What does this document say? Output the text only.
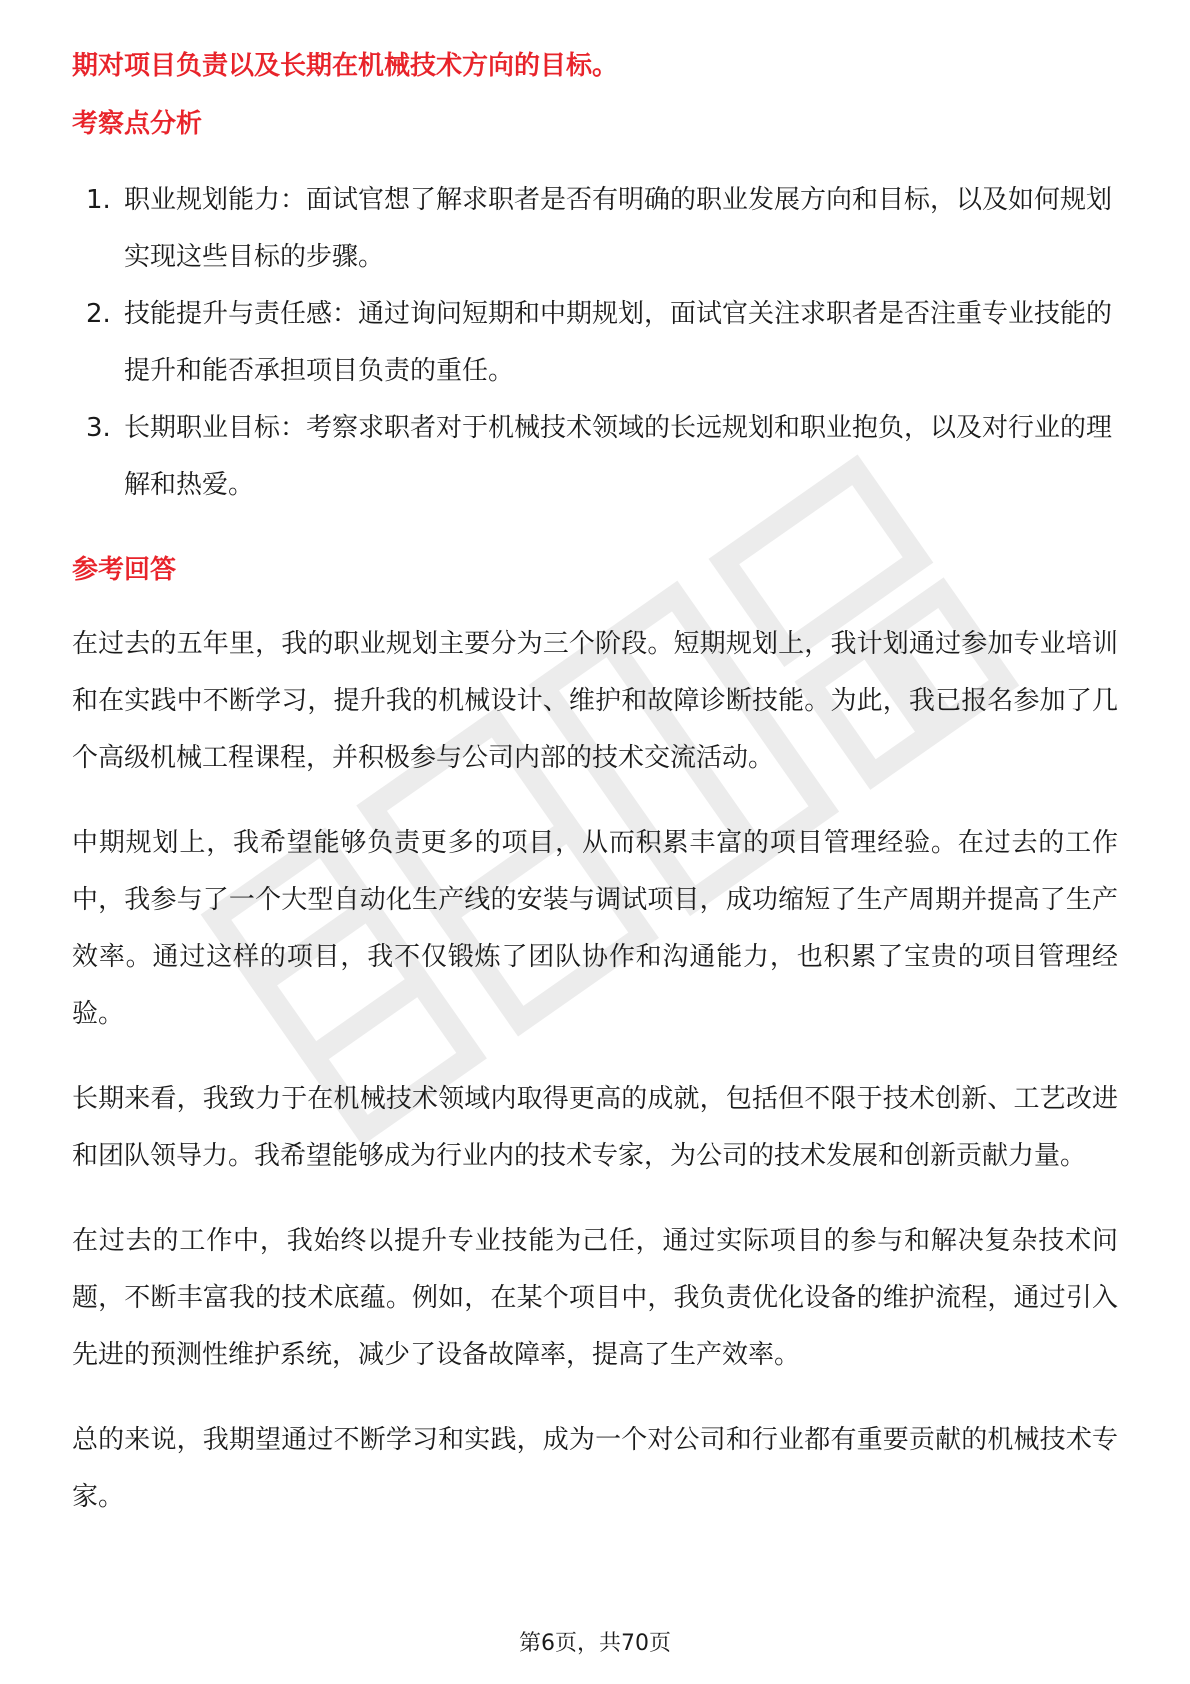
期对项目负责以及长期在机械技术方向的目标。

考察点分析
1. 职业规划能力：面试官想了解求职者是否有明确的职业发展方向和目标，以及如何规划实现这些目标的步骤。
2. 技能提升与责任感：通过询问短期和中期规划，面试官关注求职者是否注重专业技能的提升和能否承担项目负责的重任。
3. 长期职业目标：考察求职者对于机械技术领域的长远规划和职业抱负，以及对行业的理解和热爱。
参考回答

在过去的五年里，我的职业规划主要分为三个阶段。短期规划上，我计划通过参加专业培训和在实践中不断学习，提升我的机械设计、维护和故障诊断技能。为此，我已报名参加了几个高级机械工程课程，并积极参与公司内部的技术交流活动。

中期规划上，我希望能够负责更多的项目，从而积累丰富的项目管理经验。在过去的工作中，我参与了一个大型自动化生产线的安装与调试项目，成功缩短了生产周期并提高了生产效率。通过这样的项目，我不仅锻炼了团队协作和沟通能力，也积累了宝贵的项目管理经验。

长期来看，我致力于在机械技术领域内取得更高的成就，包括但不限于技术创新、工艺改进和团队领导力。我希望能够成为行业内的技术专家，为公司的技术发展和创新贡献力量。

在过去的工作中，我始终以提升专业技能为己任，通过实际项目的参与和解决复杂技术问题，不断丰富我的技术底蕴。例如，在某个项目中，我负责优化设备的维护流程，通过引入先进的预测性维护系统，减少了设备故障率，提高了生产效率。

总的来说，我期望通过不断学习和实践，成为一个对公司和行业都有重要贡献的机械技术专家。

第6页，共70页
